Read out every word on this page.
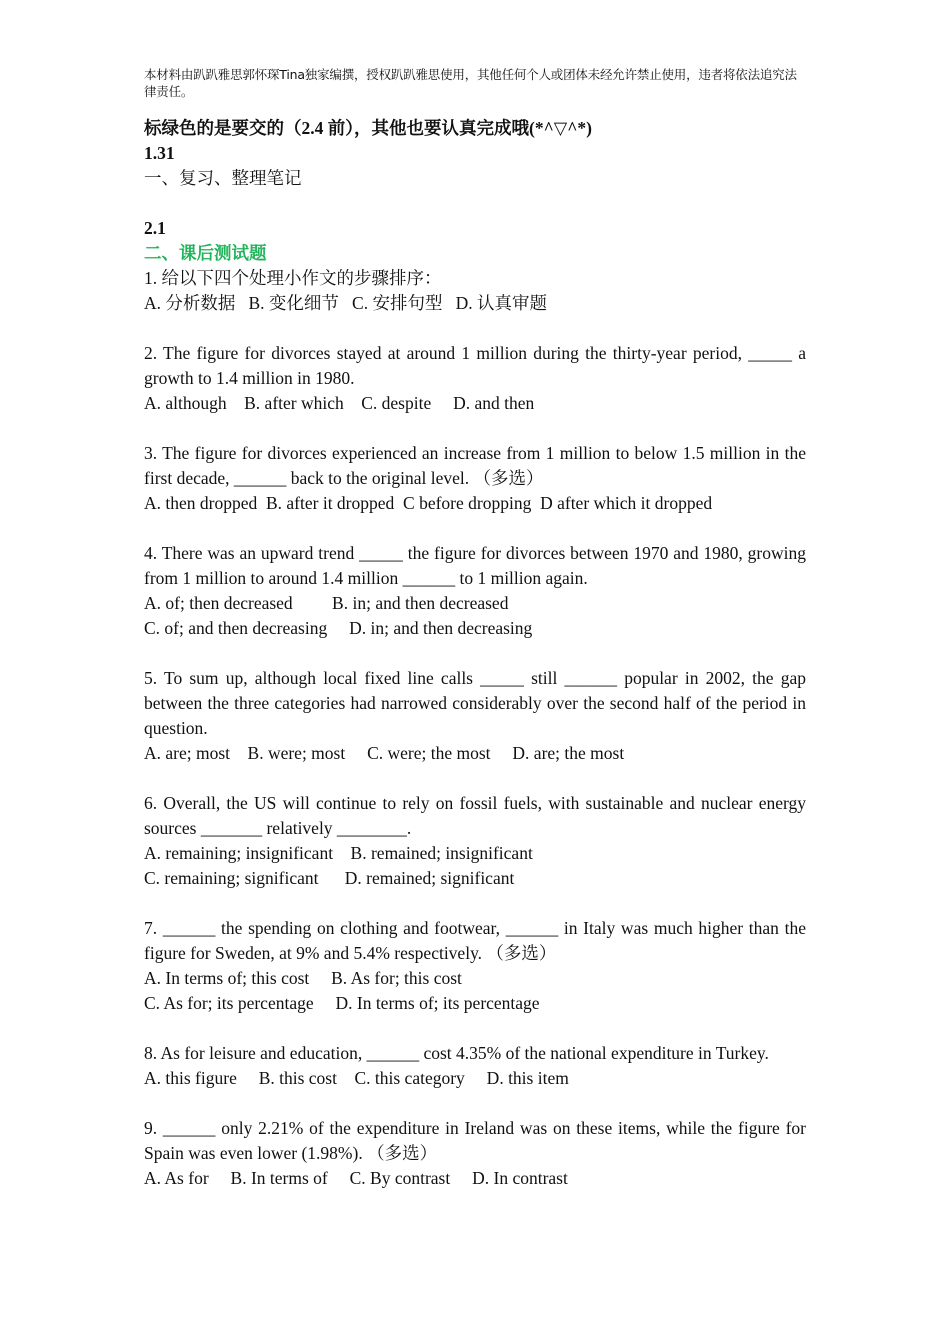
本材料由趴趴雅思郭怀琛Tina独家编撰，授权趴趴雅思使用，其他任何个人或团体未经允许禁止使用，违者将依法追究法律责任。
标绿色的是要交的（2.4 前），其他也要认真完成哦(*^▽^*)
1.31
一、复习、整理笔记
2.1
二、课后测试题
1. 给以下四个处理小作文的步骤排序：
A. 分析数据   B. 变化细节   C. 安排句型   D. 认真审题
2. The figure for divorces stayed at around 1 million during the thirty-year period, _____ a growth to 1.4 million in 1980.
A. although    B. after which    C. despite     D. and then
3. The figure for divorces experienced an increase from 1 million to below 1.5 million in the first decade, ______ back to the original level. （多选）
A. then dropped  B. after it dropped  C before dropping  D after which it dropped
4. There was an upward trend _____ the figure for divorces between 1970 and 1980, growing from 1 million to around 1.4 million ______ to 1 million again.
A. of; then decreased         B. in; and then decreased
C. of; and then decreasing     D. in; and then decreasing
5. To sum up, although local fixed line calls _____ still ______ popular in 2002, the gap between the three categories had narrowed considerably over the second half of the period in question.
A. are; most    B. were; most     C. were; the most     D. are; the most
6. Overall, the US will continue to rely on fossil fuels, with sustainable and nuclear energy sources _______ relatively ________.
A. remaining; insignificant    B. remained; insignificant
C. remaining; significant      D. remained; significant
7. ______ the spending on clothing and footwear, ______ in Italy was much higher than the figure for Sweden, at 9% and 5.4% respectively. （多选）
A. In terms of; this cost     B. As for; this cost
C. As for; its percentage     D. In terms of; its percentage
8. As for leisure and education, ______ cost 4.35% of the national expenditure in Turkey.
A. this figure     B. this cost    C. this category     D. this item
9. ______ only 2.21% of the expenditure in Ireland was on these items, while the figure for Spain was even lower (1.98%). （多选）
A. As for     B. In terms of     C. By contrast     D. In contrast
